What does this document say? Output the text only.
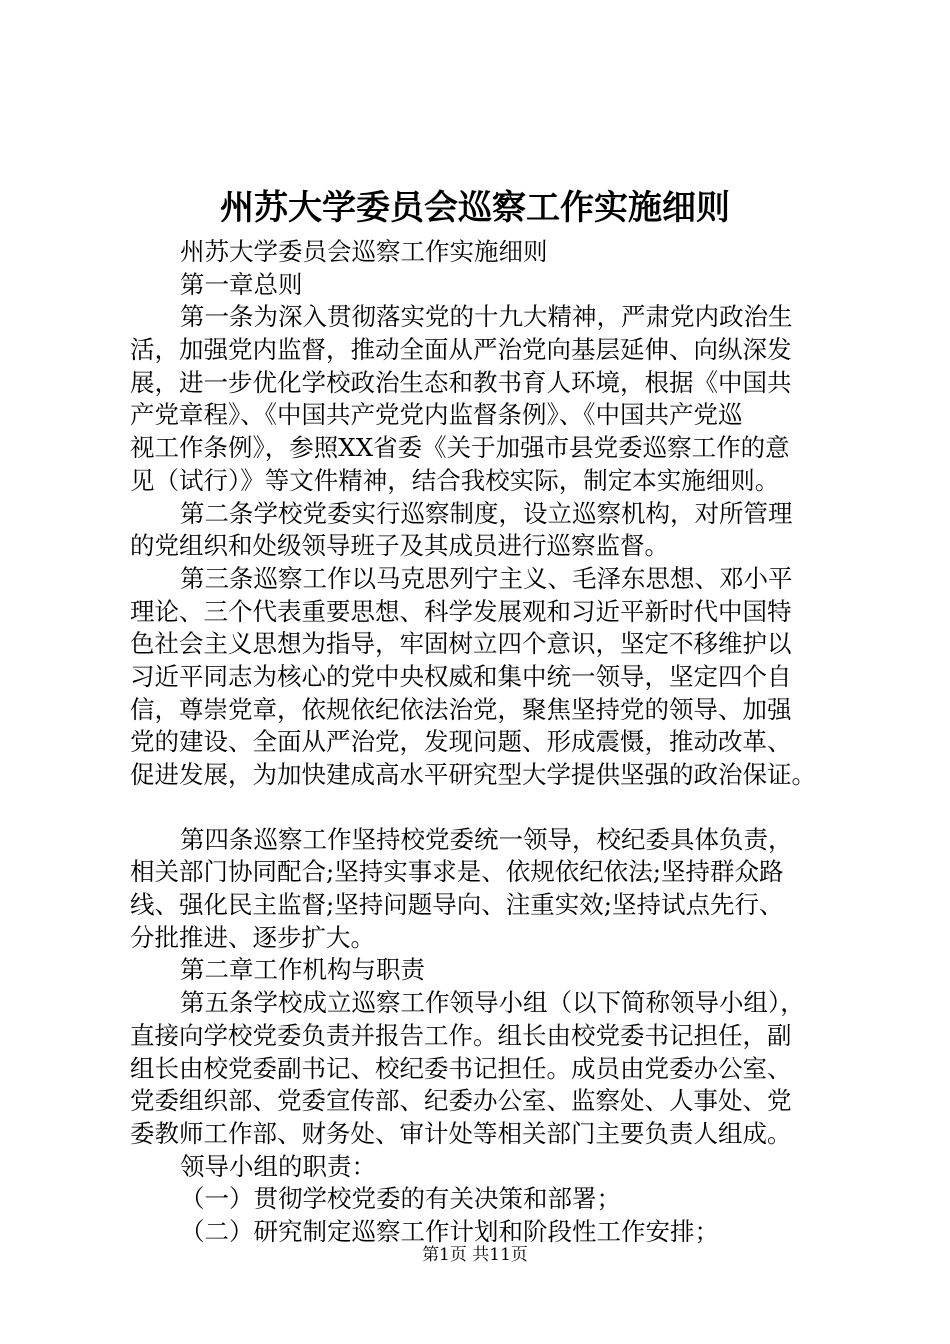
州苏大学委员会巡察工作实施细则
州苏大学委员会巡察工作实施细则
第一章总则
第一条为深入贯彻落实党的十九大精神，严肃党内政治生
活，加强党内监督，推动全面从严治党向基层延伸、向纵深发
展，进一步优化学校政治生态和教书育人环境，根据《中国共
产党章程》、《中国共产党党内监督条例》、《中国共产党巡
视工作条例》，参照XX省委《关于加强市县党委巡察工作的意
见（试行）》等文件精神，结合我校实际，制定本实施细则。
第二条学校党委实行巡察制度，设立巡察机构，对所管理
的党组织和处级领导班子及其成员进行巡察监督。
第三条巡察工作以马克思列宁主义、毛泽东思想、邓小平
理论、三个代表重要思想、科学发展观和习近平新时代中国特
色社会主义思想为指导，牢固树立四个意识，坚定不移维护以
习近平同志为核心的党中央权威和集中统一领导，坚定四个自
信，尊崇党章，依规依纪依法治党，聚焦坚持党的领导、加强
党的建设、全面从严治党，发现问题、形成震慑，推动改革、
促进发展，为加快建成高水平研究型大学提供坚强的政治保证。
第四条巡察工作坚持校党委统一领导，校纪委具体负责，
相关部门协同配合;坚持实事求是、依规依纪依法;坚持群众路
线、强化民主监督;坚持问题导向、注重实效;坚持试点先行、
分批推进、逐步扩大。
第二章工作机构与职责
第五条学校成立巡察工作领导小组（以下简称领导小组），
直接向学校党委负责并报告工作。组长由校党委书记担任，副
组长由校党委副书记、校纪委书记担任。成员由党委办公室、
党委组织部、党委宣传部、纪委办公室、监察处、人事处、党
委教师工作部、财务处、审计处等相关部门主要负责人组成。
领导小组的职责：
（一）贯彻学校党委的有关决策和部署；
（二）研究制定巡察工作计划和阶段性工作安排；
第1页 共11页
